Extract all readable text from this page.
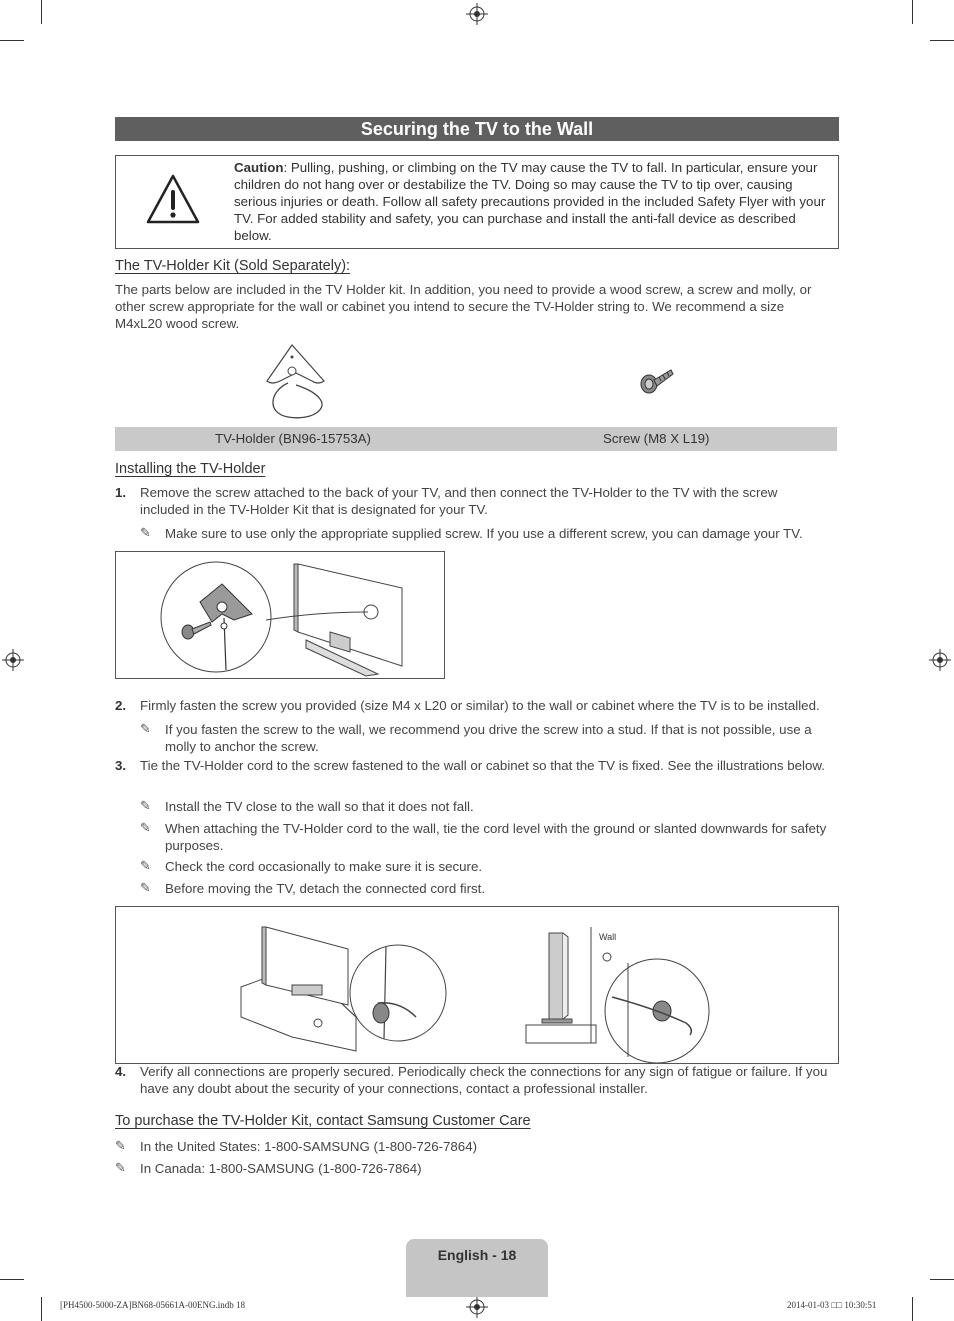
Securing the TV to the Wall
Caution: Pulling, pushing, or climbing on the TV may cause the TV to fall. In particular, ensure your children do not hang over or destabilize the TV. Doing so may cause the TV to tip over, causing serious injuries or death. Follow all safety precautions provided in the included Safety Flyer with your TV. For added stability and safety, you can purchase and install the anti-fall device as described below.
The TV-Holder Kit (Sold Separately):
The parts below are included in the TV Holder kit. In addition, you need to provide a wood screw, a screw and molly, or other screw appropriate for the wall or cabinet you intend to secure the TV-Holder string to. We recommend a size M4xL20 wood screw.
TV-Holder (BN96-15753A)	Screw (M8 X L19)
Installing the TV-Holder
1. Remove the screw attached to the back of your TV, and then connect the TV-Holder to the TV with the screw included in the TV-Holder Kit that is designated for your TV.
✎ Make sure to use only the appropriate supplied screw. If you use a different screw, you can damage your TV.
2. Firmly fasten the screw you provided (size M4 x L20 or similar) to the wall or cabinet where the TV is to be installed.
✎ If you fasten the screw to the wall, we recommend you drive the screw into a stud. If that is not possible, use a molly to anchor the screw.
3. Tie the TV-Holder cord to the screw fastened to the wall or cabinet so that the TV is fixed. See the illustrations below.
✎ Install the TV close to the wall so that it does not fall.
✎ When attaching the TV-Holder cord to the wall, tie the cord level with the ground or slanted downwards for safety purposes.
✎ Check the cord occasionally to make sure it is secure.
✎ Before moving the TV, detach the connected cord first.
Wall
4. Verify all connections are properly secured. Periodically check the connections for any sign of fatigue or failure. If you have any doubt about the security of your connections, contact a professional installer.
To purchase the TV-Holder Kit, contact Samsung Customer Care
✎ In the United States: 1-800-SAMSUNG (1-800-726-7864)
✎ In Canada: 1-800-SAMSUNG (1-800-726-7864)
English - 18
[PH4500-5000-ZA]BN68-05661A-00ENG.indb 18	2014-01-03 □□ 10:30:51
